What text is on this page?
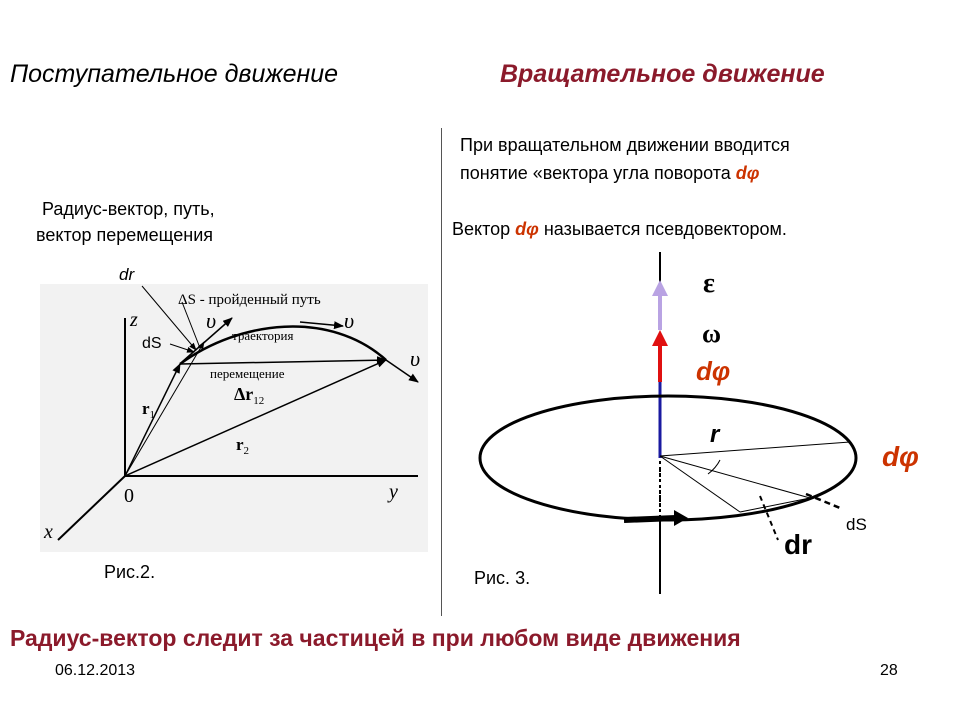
Поступательное движение	Вращательное движение
Радиус-вектор, путь,
вектор перемещения
dr
dS
ΔS - пройденный путь
траектория
перемещение
$\Delta r_{12}$
$r_1$
$r_2$
z
y
x
0
υ	υ
υ
Рис.2.
При вращательном движении вводится
понятие «вектора угла поворота dφ
Вектор dφ называется псевдовектором.
ε
ω
dφ
r
dφ
dS
dr
Рис. 3.
Радиус-вектор следит за частицей в при любом виде движения
06.12.2013	28
